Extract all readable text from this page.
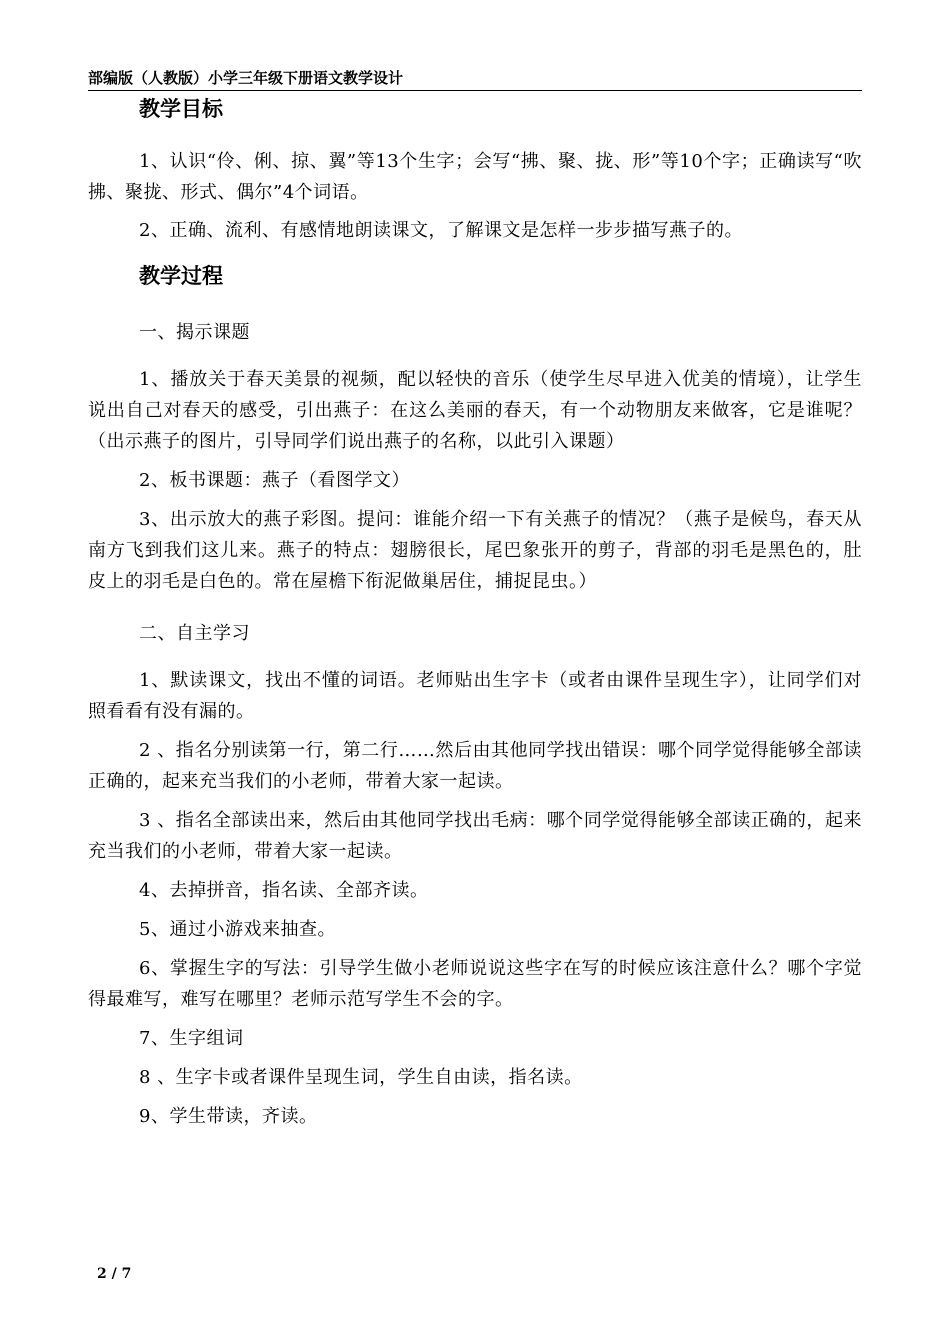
部编版（人教版）小学三年级下册语文教学设计
教学目标

1、认识“伶、俐、掠、翼”等13个生字；会写“拂、聚、拢、形”等10个字；正确读写“吹拂、聚拢、形式、偶尔”4个词语。

2、正确、流利、有感情地朗读课文，了解课文是怎样一步步描写燕子的。

教学过程

一、揭示课题

1、播放关于春天美景的视频，配以轻快的音乐（使学生尽早进入优美的情境），让学生说出自己对春天的感受，引出燕子：在这么美丽的春天，有一个动物朋友来做客，它是谁呢？（出示燕子的图片，引导同学们说出燕子的名称，以此引入课题）

2、板书课题：燕子（看图学文）

3、出示放大的燕子彩图。提问：谁能介绍一下有关燕子的情况？（燕子是候鸟，春天从南方飞到我们这儿来。燕子的特点：翅膀很长，尾巴象张开的剪子，背部的羽毛是黑色的，肚皮上的羽毛是白色的。常在屋檐下衔泥做巢居住，捕捉昆虫。）

二、自主学习

1、默读课文，找出不懂的词语。老师贴出生字卡（或者由课件呈现生字），让同学们对照看看有没有漏的。

2 、指名分别读第一行，第二行……然后由其他同学找出错误：哪个同学觉得能够全部读正确的，起来充当我们的小老师，带着大家一起读。

3 、指名全部读出来，然后由其他同学找出毛病：哪个同学觉得能够全部读正确的，起来充当我们的小老师，带着大家一起读。

4、去掉拼音，指名读、全部齐读。

5、通过小游戏来抽查。

6、掌握生字的写法：引导学生做小老师说说这些字在写的时候应该注意什么？哪个字觉得最难写，难写在哪里？老师示范写学生不会的字。

7、生字组词

8 、生字卡或者课件呈现生词，学生自由读，指名读。

9、学生带读，齐读。

2 / 7
